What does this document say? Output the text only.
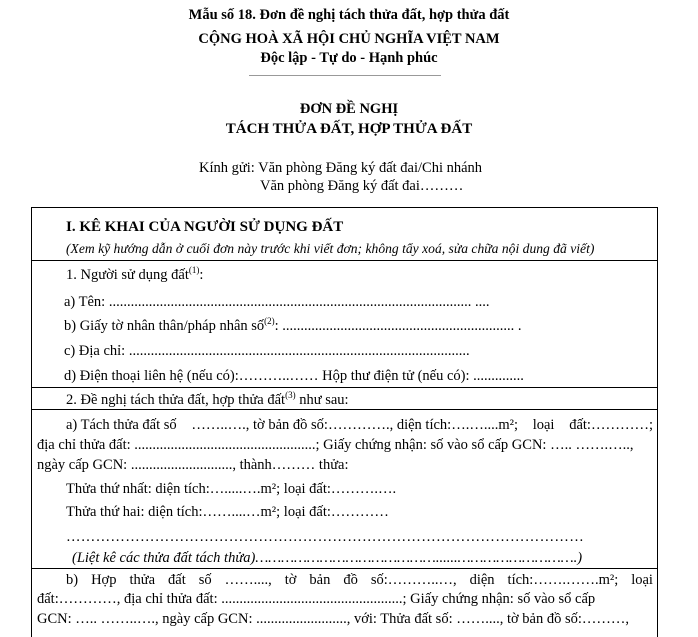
Mẫu số 18. Đơn đề nghị tách thửa đất, hợp thửa đất
CỘNG HOÀ XÃ HỘI CHỦ NGHĨA VIỆT NAM
Độc lập - Tự do - Hạnh phúc
ĐƠN ĐỀ NGHỊ
TÁCH THỬA ĐẤT, HỢP THỬA ĐẤT
Kính gửi: Văn phòng Đăng ký đất đai/Chi nhánh
Văn phòng Đăng ký đất đai………
I. KÊ KHAI CỦA NGƯỜI SỬ DỤNG ĐẤT
(Xem kỹ hướng dẫn ở cuối đơn này trước khi viết đơn; không tẩy xoá, sửa chữa nội dung đã viết)
1. Người sử dụng đất$^{(1)}$:
a) Tên: .................................................................................................... ....
b) Giấy tờ nhân thân/pháp nhân số$^{(2)}$: ................................................................ .
c) Địa chỉ: ..............................................................................................
d) Điện thoại liên hệ (nếu có):………..…… Hộp thư điện tử (nếu có): ..............
2. Đề nghị tách thửa đất, hợp thửa đất$^{(3)}$ như sau:
a) Tách thửa đất số ……..…., tờ bản đồ số:…………., diện tích:….…....m²; loại đất:…………;
địa chỉ thửa đất: ..................................................; Giấy chứng nhận: số vào sổ cấp GCN: ….. …….…..,
ngày cấp GCN: ............................, thành……… thửa:
Thửa thứ nhất: diện tích:….....….m²; loại đất:……….….
Thửa thứ hai: diện tích:……....…m²; loại đất:…………
……………………………………………………………………………………………
(Liệt kê các thửa đất tách thửa)……………………………………......……………………….)
b) Hợp thửa đất số ……...., tờ bản đồ số:………..…, diện tích:…….…….m²; loại
đất:…………, địa chỉ thửa đất: ..................................................; Giấy chứng nhận: số vào sổ cấp
GCN: ….. ……..…., ngày cấp GCN: ........................., với: Thửa đất số: ……...., tờ bản đồ số:………,
